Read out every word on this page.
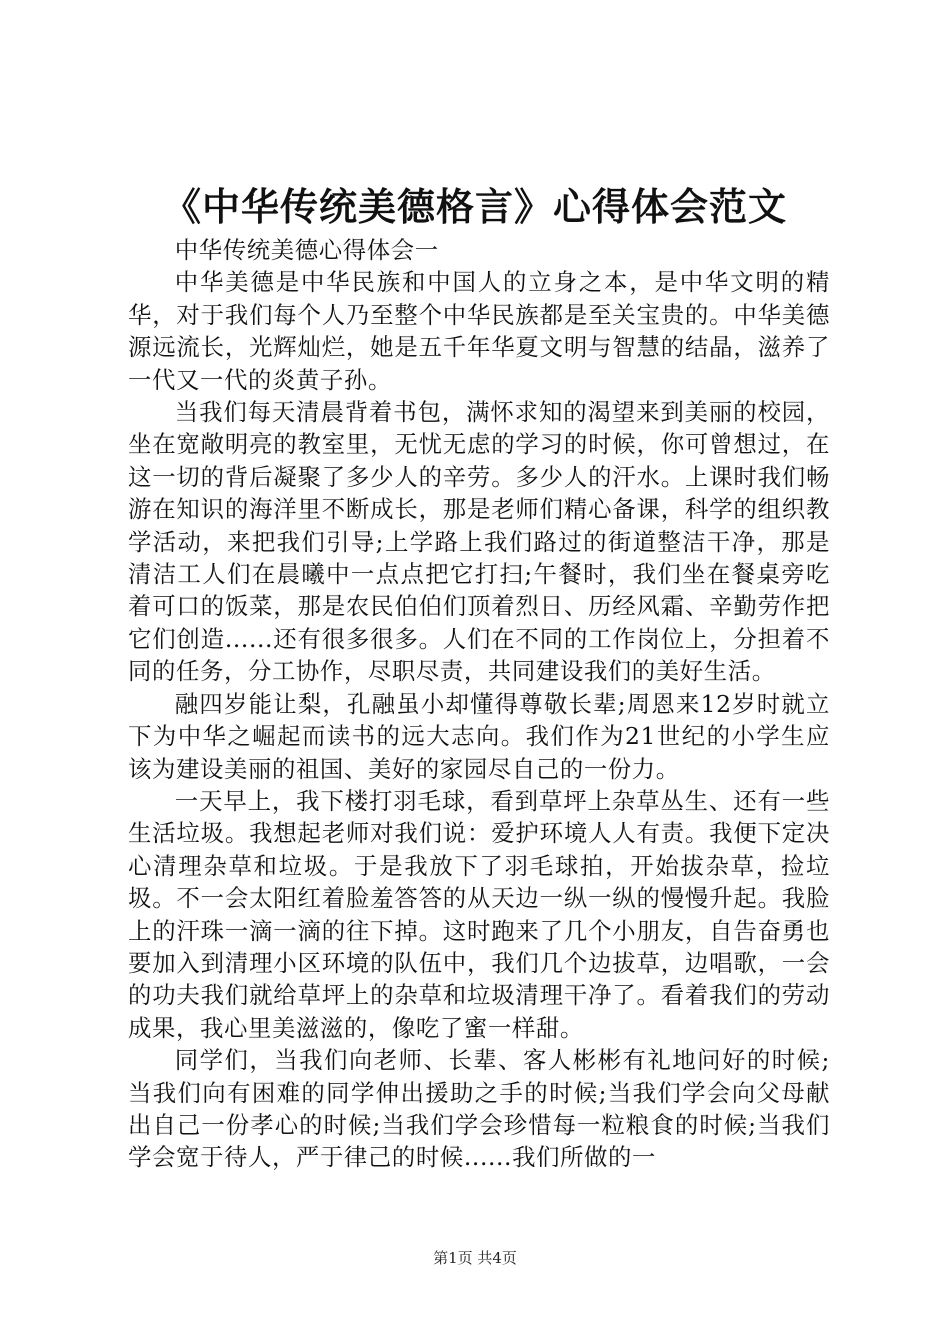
《中华传统美德格言》心得体会范文

中华传统美德心得体会一

中华美德是中华民族和中国人的立身之本，是中华文明的精华，对于我们每个人乃至整个中华民族都是至关宝贵的。中华美德源远流长，光辉灿烂，她是五千年华夏文明与智慧的结晶，滋养了一代又一代的炎黄子孙。

当我们每天清晨背着书包，满怀求知的渴望来到美丽的校园，坐在宽敞明亮的教室里，无忧无虑的学习的时候，你可曾想过，在这一切的背后凝聚了多少人的辛劳。多少人的汗水。上课时我们畅游在知识的海洋里不断成长，那是老师们精心备课，科学的组织教学活动，来把我们引导;上学路上我们路过的街道整洁干净，那是清洁工人们在晨曦中一点点把它打扫;午餐时，我们坐在餐桌旁吃着可口的饭菜，那是农民伯伯们顶着烈日、历经风霜、辛勤劳作把它们创造......还有很多很多。人们在不同的工作岗位上，分担着不同的任务，分工协作，尽职尽责，共同建设我们的美好生活。

融四岁能让梨，孔融虽小却懂得尊敬长辈;周恩来12岁时就立下为中华之崛起而读书的远大志向。我们作为21世纪的小学生应该为建设美丽的祖国、美好的家园尽自己的一份力。

一天早上，我下楼打羽毛球，看到草坪上杂草丛生、还有一些生活垃圾。我想起老师对我们说：爱护环境人人有责。我便下定决心清理杂草和垃圾。于是我放下了羽毛球拍，开始拔杂草，捡垃圾。不一会太阳红着脸羞答答的从天边一纵一纵的慢慢升起。我脸上的汗珠一滴一滴的往下掉。这时跑来了几个小朋友，自告奋勇也要加入到清理小区环境的队伍中，我们几个边拔草，边唱歌，一会的功夫我们就给草坪上的杂草和垃圾清理干净了。看着我们的劳动成果，我心里美滋滋的，像吃了蜜一样甜。

同学们，当我们向老师、长辈、客人彬彬有礼地问好的时候;当我们向有困难的同学伸出援助之手的时候;当我们学会向父母献出自己一份孝心的时候;当我们学会珍惜每一粒粮食的时候;当我们学会宽于待人，严于律己的时候......我们所做的一

第1页 共4页
